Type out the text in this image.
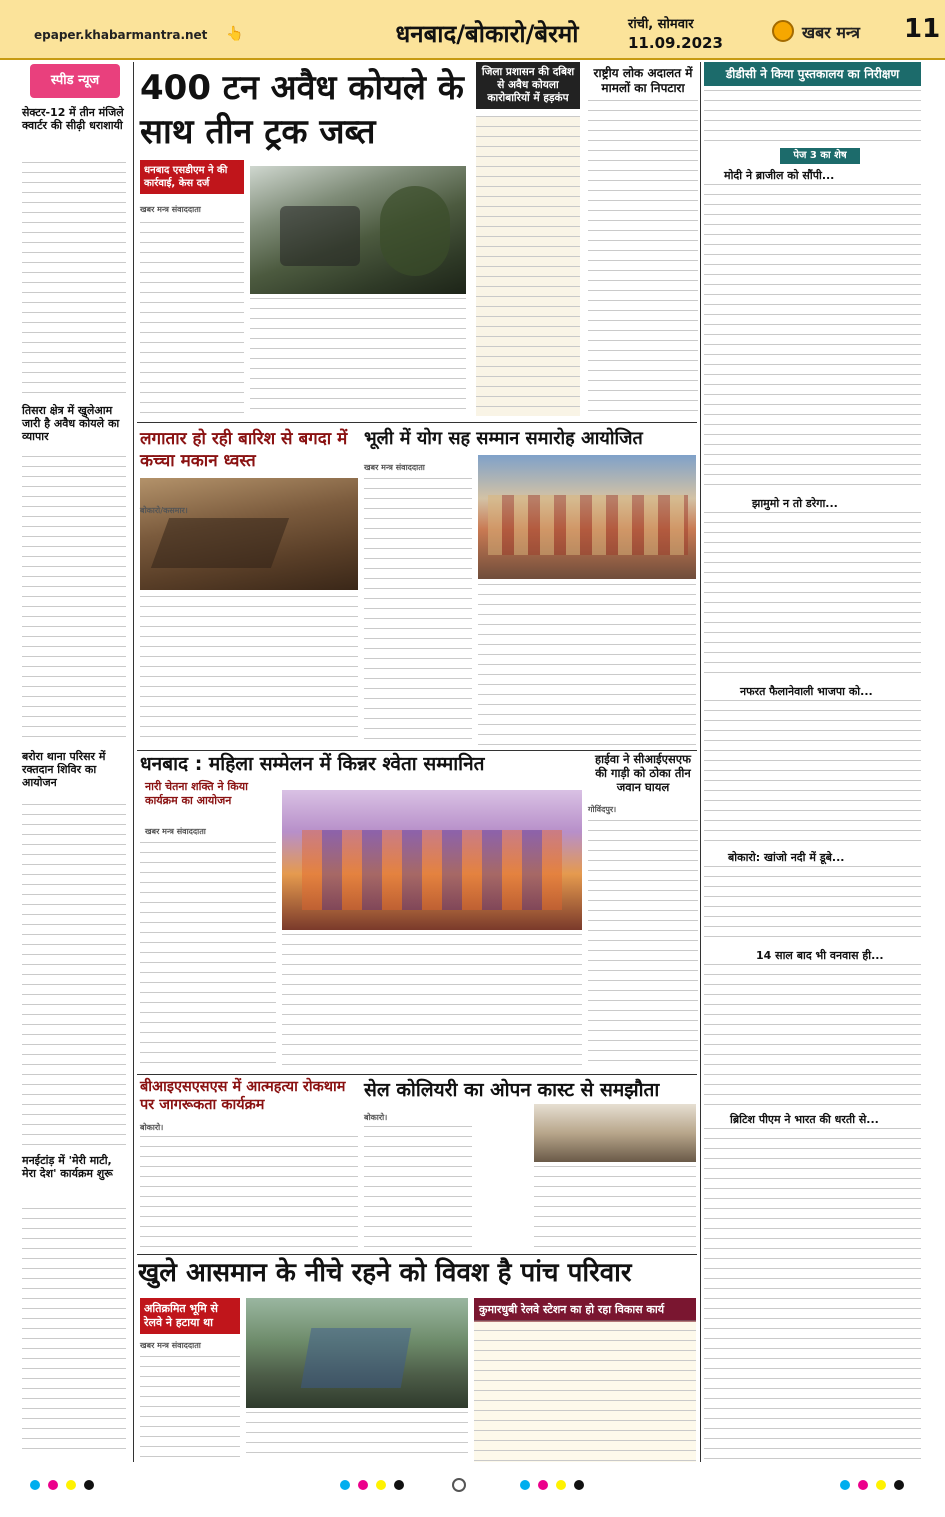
epaper.khabarmantra.net 👆	धनबाद/बोकारो/बेरमो	रांची, सोमवार
11.09.2023
खबर मन्त्र 11
स्पीड न्यूज
सेक्टर-12 में तीन मंजिले क्वार्टर की सीढ़ी धराशायी
तिसरा क्षेत्र में खुलेआम जारी है अवैध कोयले का व्यापार
बरोरा थाना परिसर में रक्तदान शिविर का आयोजन
मनईटांड़ में 'मेरी माटी, मेरा देश' कार्यक्रम शुरू
400 टन अवैध कोयले के साथ तीन ट्रक जब्त
धनबाद एसडीएम ने की कार्रवाई, केस दर्ज
खबर मन्त्र संवाददाता
जिला प्रशासन की दबिश से अवैध कोयला कारोबारियों में हड़कंप
राष्ट्रीय लोक अदालत में मामलों का निपटारा
डीडीसी ने किया पुस्तकालय का निरीक्षण
पेज 3 का शेष
मोदी ने ब्राजील को सौंपी...
झामुमो न तो डरेगा...
नफरत फैलानेवाली भाजपा को...
बोकारो: खांजो नदी में डूबे...
14 साल बाद भी वनवास ही...
ब्रिटिश पीएम ने भारत की धरती से...
लगातार हो रही बारिश से बगदा में कच्चा मकान ध्वस्त
बोकारो/कसमार।
भूली में योग सह सम्मान समारोह आयोजित
खबर मन्त्र संवाददाता
धनबाद : महिला सम्मेलन में किन्नर श्वेता सम्मानित
नारी चेतना शक्ति ने किया कार्यक्रम का आयोजन
खबर मन्त्र संवाददाता
हाईवा ने सीआईएसएफ की गाड़ी को ठोका तीन जवान घायल
गोविंदपुर।
बीआइएसएसएस में आत्महत्या रोकथाम पर जागरूकता कार्यक्रम
बोकारो।
सेल कोलियरी का ओपन कास्ट से समझौता
बोकारो।
खुले आसमान के नीचे रहने को विवश है पांच परिवार
अतिक्रमित भूमि से रेलवे ने हटाया था
खबर मन्त्र संवाददाता
कुमारधुबी रेलवे स्टेशन का हो रहा विकास कार्य
